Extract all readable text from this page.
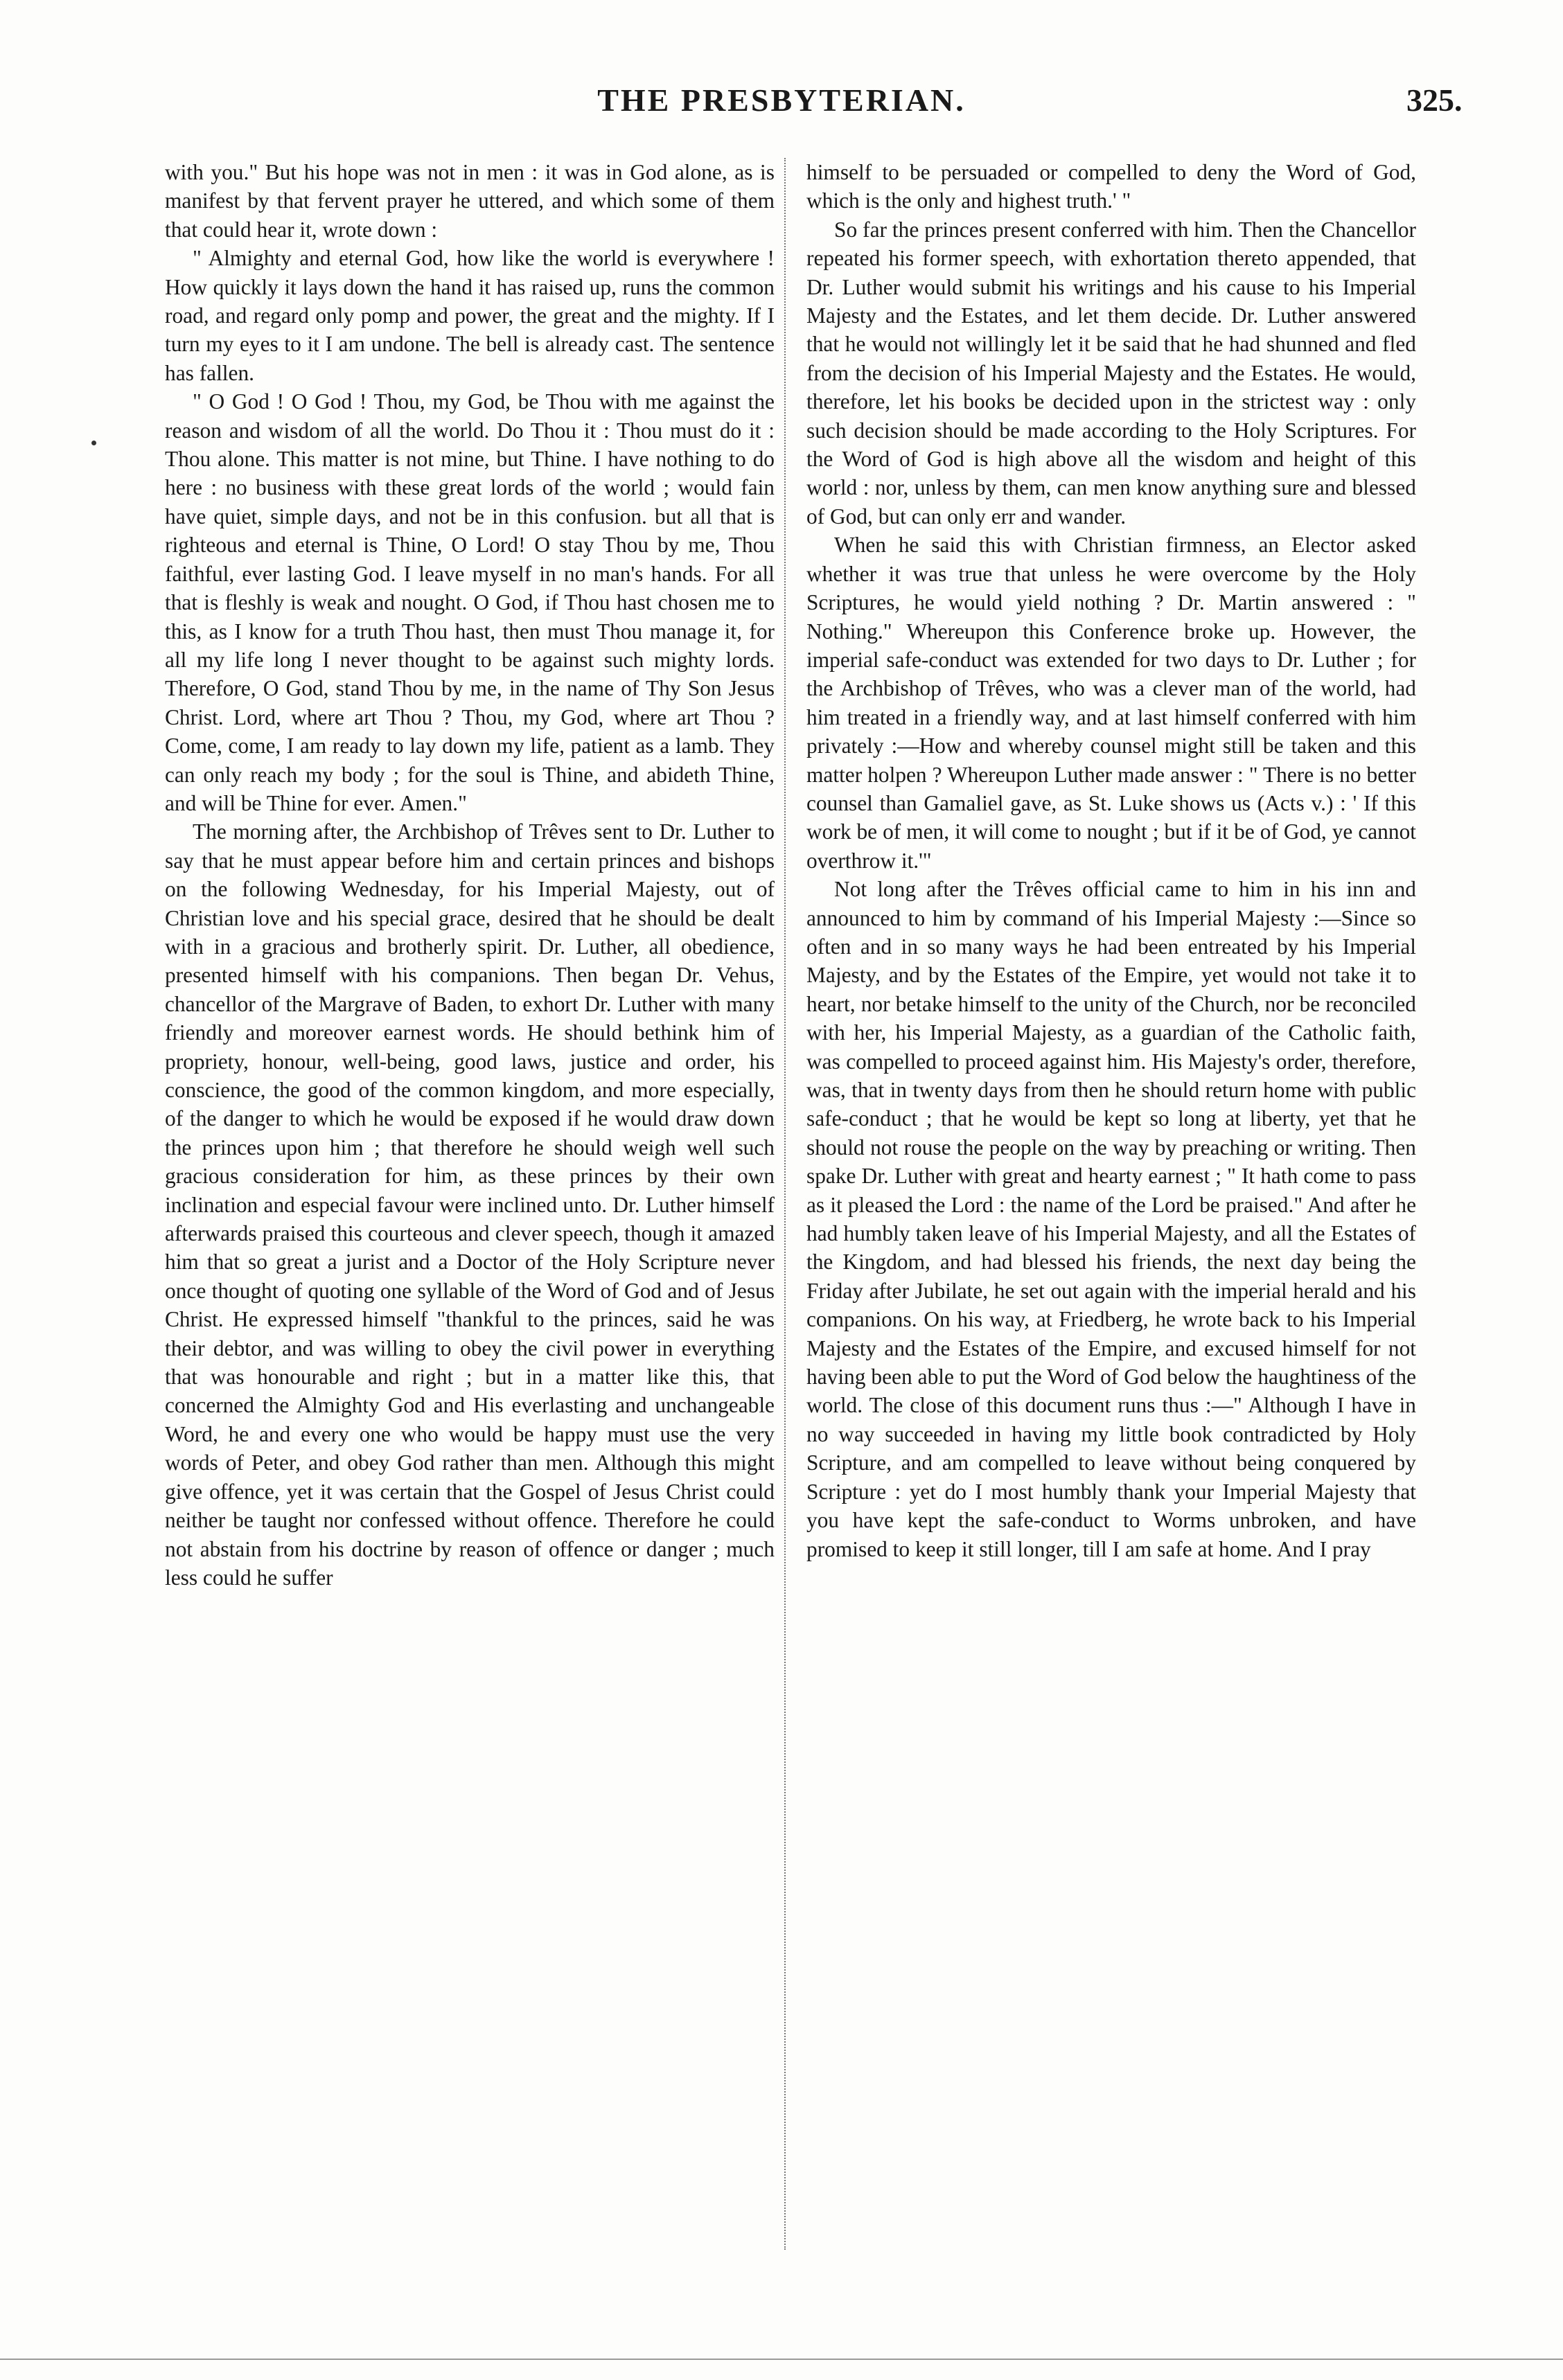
THE PRESBYTERIAN.	325.

with you." But his hope was not in men : it was in God alone, as is manifest by that fervent prayer he uttered, and which some of them that could hear it, wrote down :

" Almighty and eternal God, how like the world is everywhere ! How quickly it lays down the hand it has raised up, runs the common road, and regard only pomp and power, the great and the mighty. If I turn my eyes to it I am undone. The bell is already cast. The sentence has fallen.

" O God ! O God ! Thou, my God, be Thou with me against the reason and wisdom of all the world. Do Thou it : Thou must do it : Thou alone. This matter is not mine, but Thine. I have nothing to do here : no business with these great lords of the world ; would fain have quiet, simple days, and not be in this confusion. but all that is righteous and eternal is Thine, O Lord! O stay Thou by me, Thou faithful, ever lasting God. I leave myself in no man's hands. For all that is fleshly is weak and nought. O God, if Thou hast chosen me to this, as I know for a truth Thou hast, then must Thou manage it, for all my life long I never thought to be against such mighty lords. Therefore, O God, stand Thou by me, in the name of Thy Son Jesus Christ. Lord, where art Thou ? Thou, my God, where art Thou ? Come, come, I am ready to lay down my life, patient as a lamb. They can only reach my body ; for the soul is Thine, and abideth Thine, and will be Thine for ever. Amen."

The morning after, the Archbishop of Trêves sent to Dr. Luther to say that he must appear before him and certain princes and bishops on the following Wednesday, for his Imperial Majesty, out of Christian love and his special grace, desired that he should be dealt with in a gracious and brotherly spirit. Dr. Luther, all obedience, presented himself with his companions. Then began Dr. Vehus, chancellor of the Margrave of Baden, to exhort Dr. Luther with many friendly and moreover earnest words. He should bethink him of propriety, honour, well-being, good laws, justice and order, his conscience, the good of the common kingdom, and more especially, of the danger to which he would be exposed if he would draw down the princes upon him ; that therefore he should weigh well such gracious consideration for him, as these princes by their own inclination and especial favour were inclined unto. Dr. Luther himself afterwards praised this courteous and clever speech, though it amazed him that so great a jurist and a Doctor of the Holy Scripture never once thought of quoting one syllable of the Word of God and of Jesus Christ. He expressed himself "thankful to the princes, said he was their debtor, and was willing to obey the civil power in everything that was honourable and right ; but in a matter like this, that concerned the Almighty God and His everlasting and unchangeable Word, he and every one who would be happy must use the very words of Peter, and obey God rather than men. Although this might give offence, yet it was certain that the Gospel of Jesus Christ could neither be taught nor confessed without offence. Therefore he could not abstain from his doctrine by reason of offence or danger ; much less could he suffer

himself to be persuaded or compelled to deny the Word of God, which is the only and highest truth.' "

So far the princes present conferred with him. Then the Chancellor repeated his former speech, with exhortation thereto appended, that Dr. Luther would submit his writings and his cause to his Imperial Majesty and the Estates, and let them decide. Dr. Luther answered that he would not willingly let it be said that he had shunned and fled from the decision of his Imperial Majesty and the Estates. He would, therefore, let his books be decided upon in the strictest way : only such decision should be made according to the Holy Scriptures. For the Word of God is high above all the wisdom and height of this world : nor, unless by them, can men know anything sure and blessed of God, but can only err and wander.

When he said this with Christian firmness, an Elector asked whether it was true that unless he were overcome by the Holy Scriptures, he would yield nothing ? Dr. Martin answered : " Nothing." Whereupon this Conference broke up. However, the imperial safe-conduct was extended for two days to Dr. Luther ; for the Archbishop of Trêves, who was a clever man of the world, had him treated in a friendly way, and at last himself conferred with him privately :—How and whereby counsel might still be taken and this matter holpen ? Whereupon Luther made answer : " There is no better counsel than Gamaliel gave, as St. Luke shows us (Acts v.) : ' If this work be of men, it will come to nought ; but if it be of God, ye cannot overthrow it.'"

Not long after the Trêves official came to him in his inn and announced to him by command of his Imperial Majesty :—Since so often and in so many ways he had been entreated by his Imperial Majesty, and by the Estates of the Empire, yet would not take it to heart, nor betake himself to the unity of the Church, nor be reconciled with her, his Imperial Majesty, as a guardian of the Catholic faith, was compelled to proceed against him. His Majesty's order, therefore, was, that in twenty days from then he should return home with public safe-conduct ; that he would be kept so long at liberty, yet that he should not rouse the people on the way by preaching or writing. Then spake Dr. Luther with great and hearty earnest ; " It hath come to pass as it pleased the Lord : the name of the Lord be praised." And after he had humbly taken leave of his Imperial Majesty, and all the Estates of the Kingdom, and had blessed his friends, the next day being the Friday after Jubilate, he set out again with the imperial herald and his companions. On his way, at Friedberg, he wrote back to his Imperial Majesty and the Estates of the Empire, and excused himself for not having been able to put the Word of God below the haughtiness of the world. The close of this document runs thus :—" Although I have in no way succeeded in having my little book contradicted by Holy Scripture, and am compelled to leave without being conquered by Scripture : yet do I most humbly thank your Imperial Majesty that you have kept the safe-conduct to Worms unbroken, and have promised to keep it still longer, till I am safe at home. And I pray
